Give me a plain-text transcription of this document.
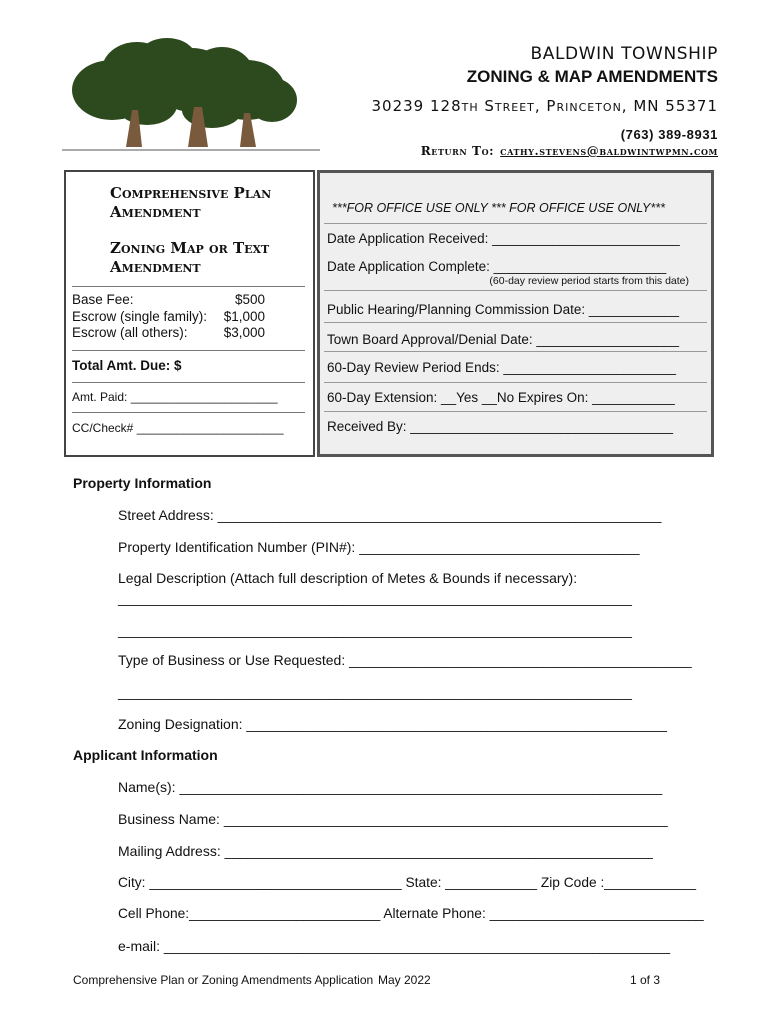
BALDWIN TOWNSHIP
ZONING & MAP AMENDMENTS
30239 128th Street, Princeton, MN 55371
(763) 389-8931
Return To: cathy.stevens@baldwintwpmn.com
Comprehensive Plan
Amendment
Zoning Map or Text
Amendment
Base Fee:	$500
Escrow (single family): $1,000
Escrow (all others):	$3,000
Total Amt. Due: $
Amt. Paid: ______________________
CC/Check# ______________________
***FOR OFFICE USE ONLY *** FOR OFFICE USE ONLY***
Date Application Received: _________________________
Date Application Complete: _______________________
(60-day review period starts from this date)
Public Hearing/Planning Commission Date: ____________
Town Board Approval/Denial Date: ___________________
60-Day Review Period Ends: _______________________
60-Day Extension: __Yes __No Expires On: ___________
Received By: ___________________________________
Property Information
Street Address: _________________________________________________________
Property Identification Number (PIN#): ____________________________________
Legal Description (Attach full description of Metes & Bounds if necessary):
__________________________________________________________________
__________________________________________________________________
Type of Business or Use Requested: ____________________________________________
__________________________________________________________________
Zoning Designation: ______________________________________________________
Applicant Information
Name(s): ______________________________________________________________
Business Name: _________________________________________________________
Mailing Address: _______________________________________________________
City: _________________________________ State: ____________ Zip Code :____________
Cell Phone:_________________________ Alternate Phone: ____________________________
e-mail: _________________________________________________________________
Comprehensive Plan or Zoning Amendments Application May 2022	1 of 3
